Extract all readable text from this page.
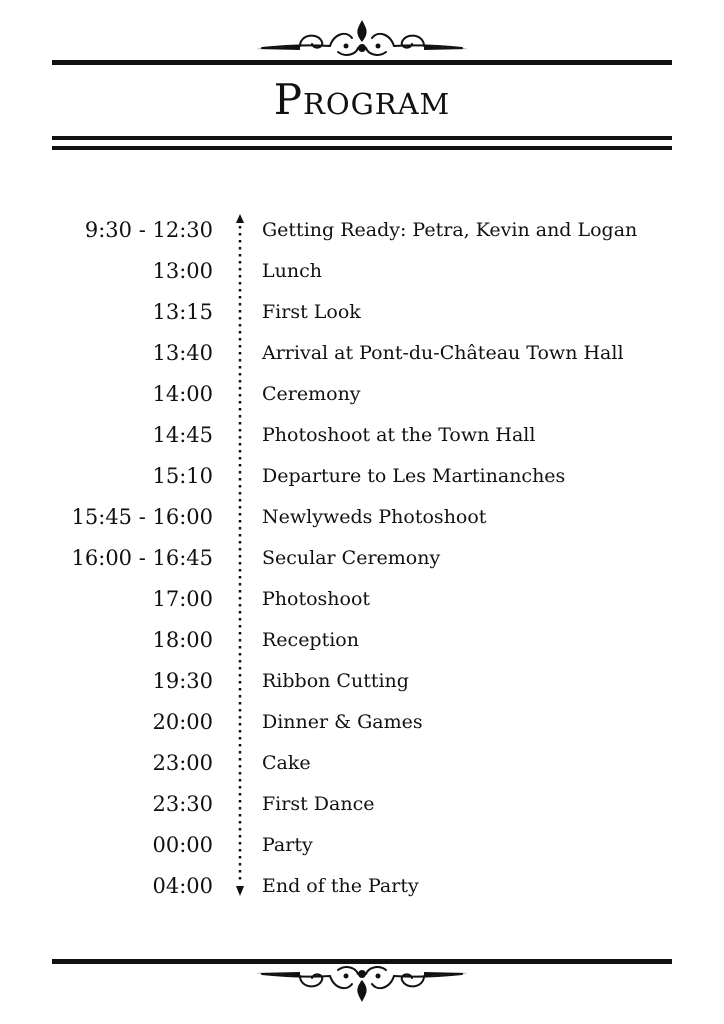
Program
9:30 - 12:30	Getting Ready: Petra, Kevin and Logan
13:00	Lunch
13:15	First Look
13:40	Arrival at Pont-du-Château Town Hall
14:00	Ceremony
14:45	Photoshoot at the Town Hall
15:10	Departure to Les Martinanches
15:45 - 16:00	Newlyweds Photoshoot
16:00 - 16:45	Secular Ceremony
17:00	Photoshoot
18:00	Reception
19:30	Ribbon Cutting
20:00	Dinner & Games
23:00	Cake
23:30	First Dance
00:00	Party
04:00	End of the Party
